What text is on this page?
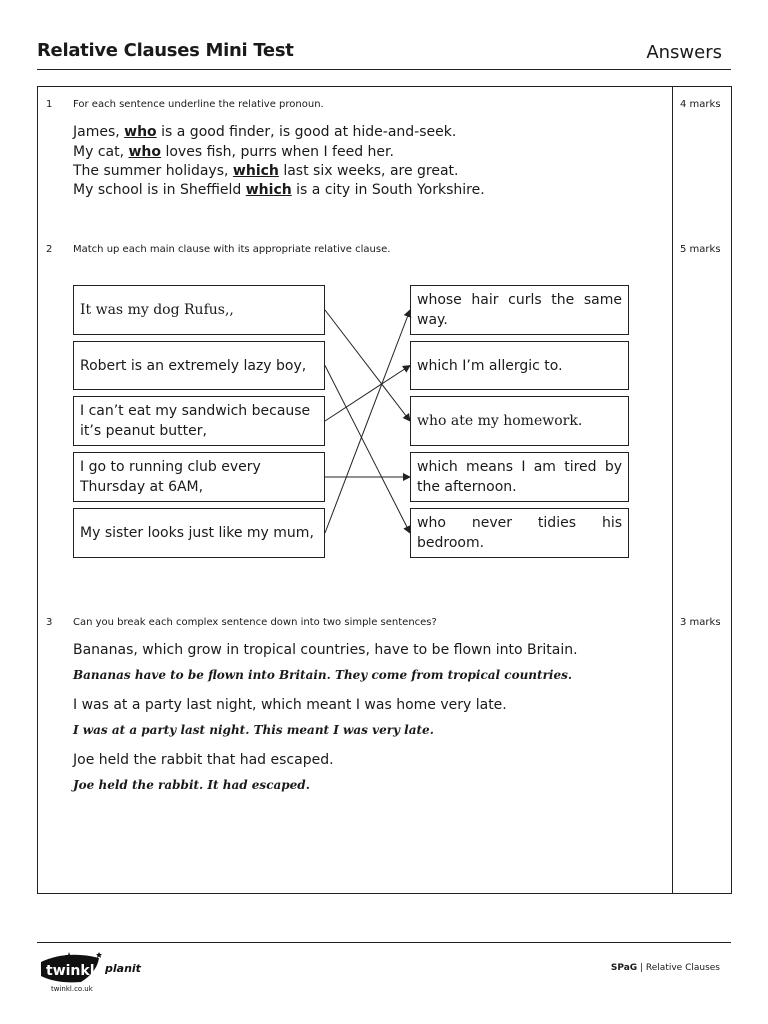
Relative Clauses Mini Test	Answers
1 For each sentence underline the relative pronoun.	4 marks
James, who is a good finder, is good at hide-and-seek.
My cat, who loves fish, purrs when I feed her.
The summer holidays, which last six weeks, are great.
My school is in Sheffield which is a city in South Yorkshire.
2 Match up each main clause with its appropriate relative clause.	5 marks
It was my dog Rufus,,
Robert is an extremely lazy boy,
I can’t eat my sandwich because it’s peanut butter,
I go to running club every Thursday at 6AM,
My sister looks just like my mum,
whose hair curls the same way.
which I’m allergic to.
who ate my homework.
which means I am tired by the afternoon.
who never tidies his bedroom.
3 Can you break each complex sentence down into two simple sentences?	3 marks
Bananas, which grow in tropical countries, have to be flown into Britain.
Bananas have to be flown into Britain. They come from tropical countries.
I was at a party last night, which meant I was home very late.
I was at a party last night. This meant I was very late.
Joe held the rabbit that had escaped.
Joe held the rabbit. It had escaped.
twinkl planit
twinkl.co.uk
SPaG | Relative Clauses
